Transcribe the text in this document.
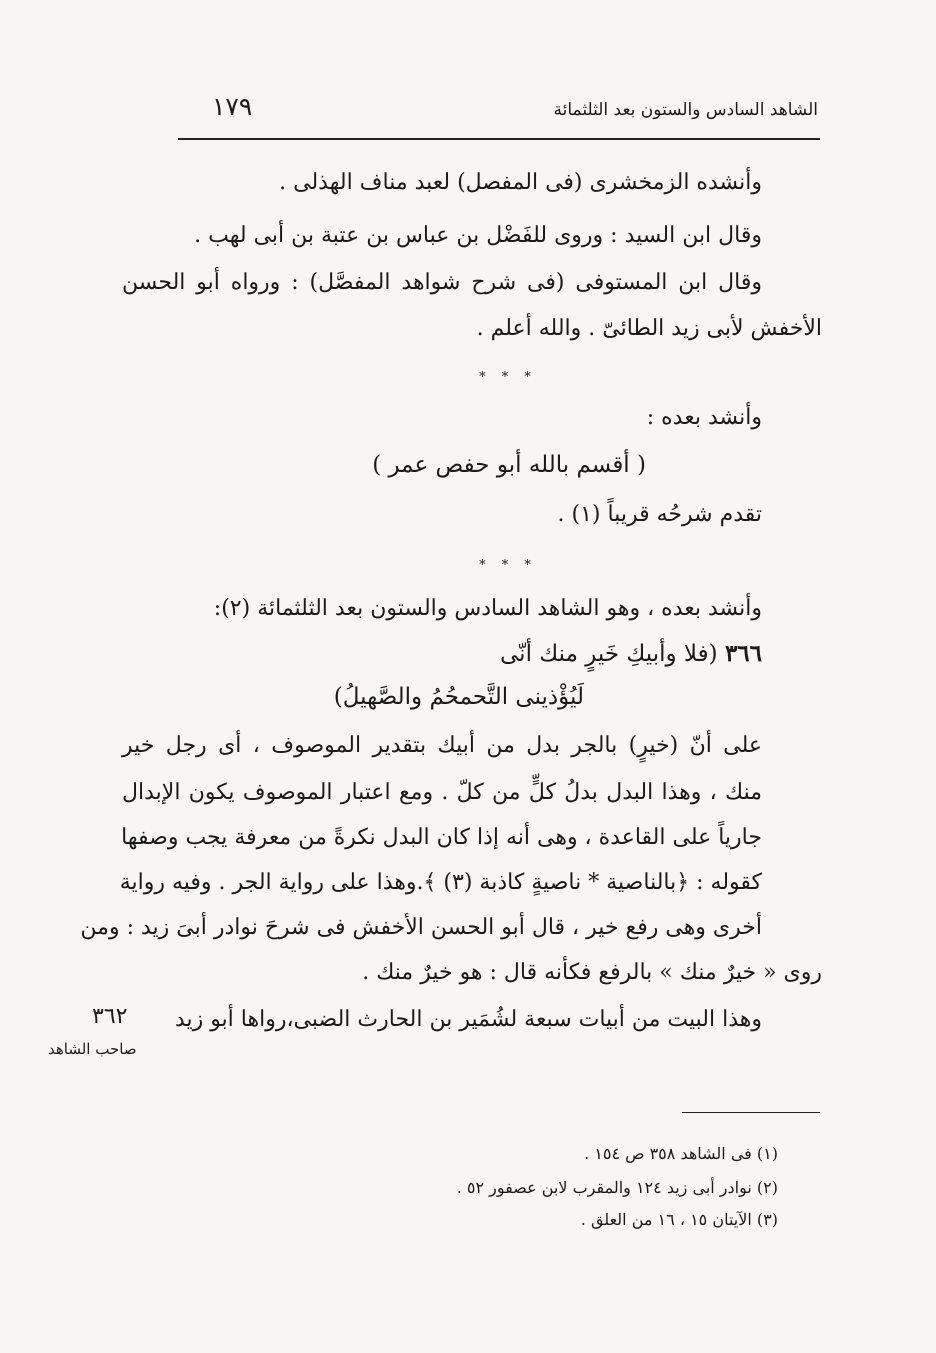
الشاهد السادس والستون بعد الثلثمائة
١٧٩
وأنشده الزمخشرى (فى المفصل) لعبد مناف الهذلى .
وقال ابن السيد : وروى للفَضْل بن عباس بن عتبة بن أبى لهب .
وقال ابن المستوفى (فى شرح شواهد المفصَّل) : ورواه أبو الحسن
الأخفش لأبى زيد الطائىّ . والله أعلم .
* * *
وأنشد بعده :
( أقسم بالله أبو حفص عمر )
تقدم شرحُه قريباً (١) .
* * *
وأنشد بعده ، وهو الشاهد السادس والستون بعد الثلثمائة (٢):
٣٦٦ (فلا وأبيكِ خَيرٍ منك أنّى
لَيُؤْذينى التَّحمحُمُ والصَّهيلُ)
على أنّ (خيرٍ) بالجر بدل من أبيك بتقدير الموصوف ، أى رجل خير
منك ، وهذا البدل بدلُ كلٍّ من كلّ . ومع اعتبار الموصوف يكون الإبدال
جارياً على القاعدة ، وهى أنه إذا كان البدل نكرةً من معرفة يجب وصفها
كقوله : ﴿بالناصية * ناصيةٍ كاذبة (٣) ﴾.وهذا على رواية الجر . وفيه رواية
أخرى وهى رفع خير ، قال أبو الحسن الأخفش فى شرحَ نوادر أبىَ زيد : ومن
روى « خيرٌ منك » بالرفع فكأنه قال : هو خيرٌ منك .
وهذا البيت من أبيات سبعة لشُمَير بن الحارث الضبى،رواها أبو زيد
٣٦٢
صاحب الشاهد
(١) فى الشاهد ٣٥٨ ص ١٥٤ .
(٢) نوادر أبى زيد ١٢٤ والمقرب لابن عصفور ٥٢ .
(٣) الآيتان ١٥ ، ١٦ من العلق .
